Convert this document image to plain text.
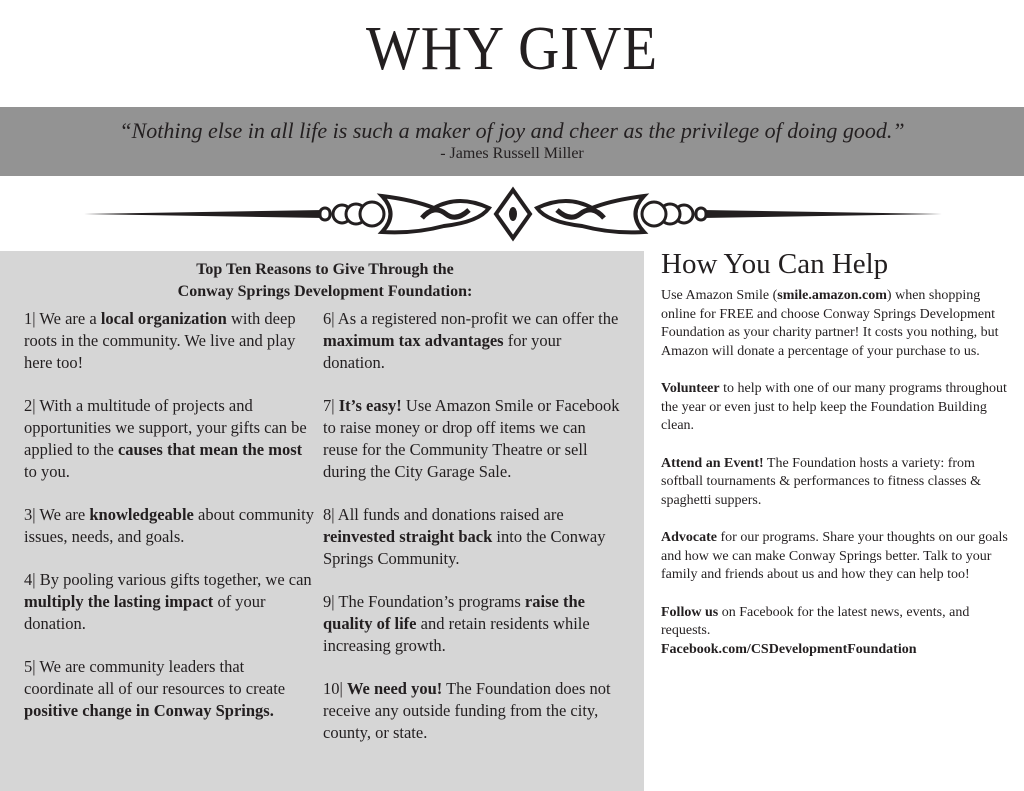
WHY GIVE
“Nothing else in all life is such a maker of joy and cheer as the privilege of doing good.”
- James Russell Miller
Top Ten Reasons to Give Through the
Conway Springs Development Foundation:

1| We are a local organization with deep roots in the community. We live and play here too!

2| With a multitude of projects and opportunities we support, your gifts can be applied to the causes that mean the most to you.

3| We are knowledgeable about community issues, needs, and goals.

4| By pooling various gifts together, we can multiply the lasting impact of your donation.

5| We are community leaders that coordinate all of our resources to create positive change in Conway Springs.

6| As a registered non-profit we can offer the maximum tax advantages for your donation.

7| It’s easy! Use Amazon Smile or Facebook to raise money or drop off items we can reuse for the Community Theatre or sell during the City Garage Sale.

8| All funds and donations raised are reinvested straight back into the Conway Springs Community.

9| The Foundation’s programs raise the quality of life and retain residents while increasing growth.

10| We need you! The Foundation does not receive any outside funding from the city, county, or state.

How You Can Help

Use Amazon Smile (smile.amazon.com) when shopping online for FREE and choose Conway Springs Development Foundation as your charity partner! It costs you nothing, but Amazon will donate a percentage of your purchase to us.

Volunteer to help with one of our many programs throughout the year or even just to help keep the Foundation Building clean.

Attend an Event! The Foundation hosts a variety: from softball tournaments & performances to fitness classes & spaghetti suppers.

Advocate for our programs. Share your thoughts on our goals and how we can make Conway Springs better. Talk to your family and friends about us and how they can help too!

Follow us on Facebook for the latest news, events, and requests.
Facebook.com/CSDevelopmentFoundation
